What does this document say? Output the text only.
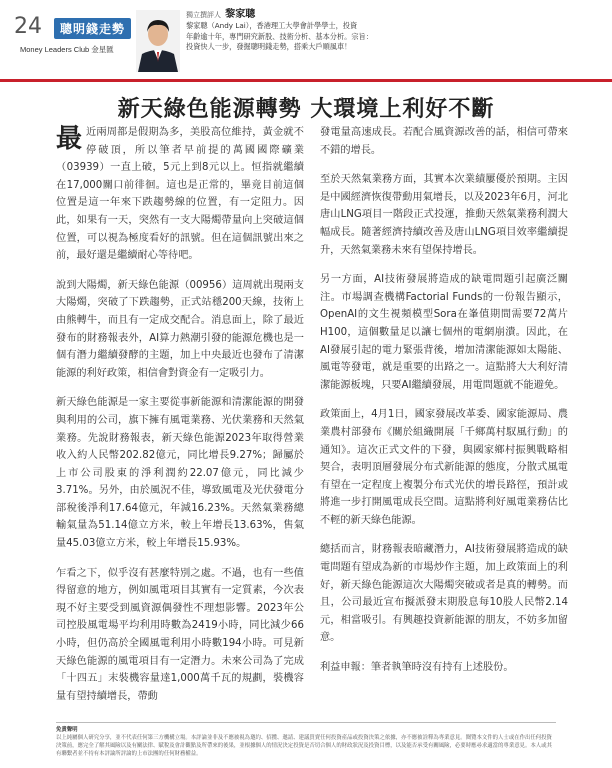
24	聰明錢走勢
Money Leaders Club 金星匯
獨立撰評人 黎家聰
黎家聰（Andy Lai），香港理工大學會計學學士，投資
年齡逾十年，專門研究新股、技術分析、基本分析。宗旨：
投資快人一步，發掘聰明錢走勢，搭乘大戶順風車！
新天綠色能源轉勢 大環境上利好不斷

最 近兩周都是假期為多，美股高位維持，黃金就不停破頂，所以筆者早前提的萬國國際礦業（03939）一直上破，5元上到8元以上。恒指就繼續在17,000關口前徘徊。這也是正常的，畢竟目前這個位置是這一年來下跌趨勢線的位置，有一定阻力。因此，如果有一天，突然有一支大陽燭帶量向上突破這個位置，可以視為極度看好的訊號。但在這個訊號出來之前，最好還是繼續耐心等待吧。

說到大陽燭，新天綠色能源（00956）這周就出現兩支大陽燭，突破了下跌趨勢，正式站穩200天線，技術上由熊轉牛，而且有一定成交配合。消息面上，除了最近發布的財務報表外，AI算力熱潮引發的能源危機也是一個有潛力繼續發酵的主題，加上中央最近也發布了清潔能源的利好政策，相信會對資金有一定吸引力。

新天綠色能源是一家主要從事新能源和清潔能源的開發與利用的公司，旗下擁有風電業務、光伏業務和天然氣業務。先說財務報表，新天綠色能源2023年取得營業收入約人民幣202.82億元，同比增長9.27%；歸屬於上市公司股東的淨利潤約22.07億元，同比減少3.71%。另外，由於風況不佳，導致風電及光伏發電分部稅後淨利17.64億元，年減16.23%。天然氣業務總輸氣量為51.14億立方米，較上年增長13.63%，售氣量45.03億立方米，較上年增長15.93%。

乍看之下，似乎沒有甚麼特別之處。不過，也有一些值得留意的地方，例如風電項目其實有一定質素，今次表現不好主要受到風資源偶發性不理想影響。2023年公司控股風電場平均利用時數為2419小時，同比減少66小時，但仍高於全國風電利用小時數194小時。可見新天綠色能源的風電項目有一定潛力。未來公司為了完成「十四五」末裝機容量達1,000萬千瓦的規劃，裝機容量有望持續增長，帶動

發電量高速成長。若配合風資源改善的話，相信可帶來不錯的增長。

至於天然氣業務方面，其實本次業績屢優於預期。主因是中國經濟恢復帶動用氣增長，以及2023年6月，河北唐山LNG項目一階段正式投運，推動天然氣業務利潤大幅成長。隨著經濟持續改善及唐山LNG項目效率繼續提升，天然氣業務未來有望保持增長。

另一方面，AI技術發展將造成的缺電問題引起廣泛關注。市場調查機構Factorial Funds的一份報告顯示，OpenAI的文生視頻模型Sora在峯值期間需要72萬片H100，這個數量足以讓七個州的電網崩潰。因此，在AI發展引起的電力緊張背後，增加清潔能源如太陽能、風電等發電，就是重要的出路之一。這點將大大利好清潔能源板塊，只要AI繼續發展，用電問題就不能避免。

政策面上，4月1日，國家發展改革委、國家能源局、農業農村部發布《關於組織開展「千鄉萬村馭風行動」的通知》。這次正式文件的下發，與國家鄉村振興戰略相契合，表明頂層發展分布式新能源的態度，分散式風電有望在一定程度上複製分布式光伏的增長路徑，預計或將進一步打開風電成長空間。這點將利好風電業務估比不輕的新天綠色能源。

總括而言，財務報表暗藏潛力，AI技術發展將造成的缺電問題有望成為新的市場炒作主題，加上政策面上的利好，新天綠色能源這次大陽燭突破或者是真的轉勢。而且，公司最近宣布擬派發末期股息每10股人民幣2.14元，相當吸引。有興趣投資新能源的朋友，不妨多加留意。

利益申報：筆者執筆時沒有持有上述股份。

免責聲明
以上純屬個人研究分享，並不代表任何第三方機構立場。本評論並非及不應被視為邀約、招攬、邀請、建議買賣任何投資產品或投資決策之依據，亦不應被詮釋為專業意見。閱覽本文件的人士或在作出任何投資決策前，應完全了解其風險以及有關法律、賦稅及會計觀點及所帶來的後果，並根據個人的情況決定投資是否切合個人的財政狀況及投資目標，以及能否承受有關風險，必要時應尋求適當的專業意見。本人或其有聯繫者並不持有本評論所評論的上市法團的任何財務權益。
